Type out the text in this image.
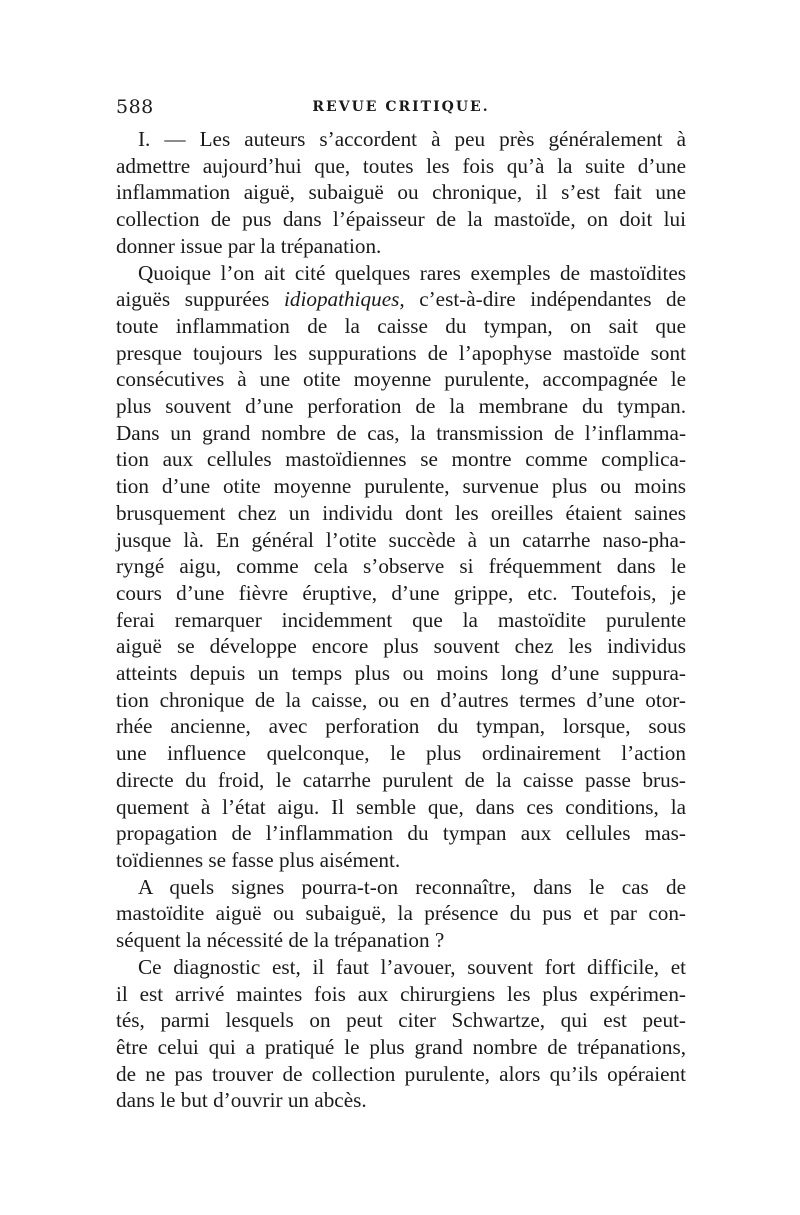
588	REVUE CRITIQUE.

I. — Les auteurs s’accordent à peu près généralement à
admettre aujourd’hui que, toutes les fois qu’à la suite d’une
inflammation aiguë, subaiguë ou chronique, il s’est fait une
collection de pus dans l’épaisseur de la mastoïde, on doit lui
donner issue par la trépanation.

Quoique l’on ait cité quelques rares exemples de mastoïdites
aiguës suppurées idiopathiques, c’est-à-dire indépendantes de
toute inflammation de la caisse du tympan, on sait que
presque toujours les suppurations de l’apophyse mastoïde sont
consécutives à une otite moyenne purulente, accompagnée le
plus souvent d’une perforation de la membrane du tympan.
Dans un grand nombre de cas, la transmission de l’inflamma-
tion aux cellules mastoïdiennes se montre comme complica-
tion d’une otite moyenne purulente, survenue plus ou moins
brusquement chez un individu dont les oreilles étaient saines
jusque là. En général l’otite succède à un catarrhe naso-pha-
ryngé aigu, comme cela s’observe si fréquemment dans le
cours d’une fièvre éruptive, d’une grippe, etc. Toutefois, je
ferai remarquer incidemment que la mastoïdite purulente
aiguë se développe encore plus souvent chez les individus
atteints depuis un temps plus ou moins long d’une suppura-
tion chronique de la caisse, ou en d’autres termes d’une otor-
rhée ancienne, avec perforation du tympan, lorsque, sous
une influence quelconque, le plus ordinairement l’action
directe du froid, le catarrhe purulent de la caisse passe brus-
quement à l’état aigu. Il semble que, dans ces conditions, la
propagation de l’inflammation du tympan aux cellules mas-
toïdiennes se fasse plus aisément.

A quels signes pourra-t-on reconnaître, dans le cas de
mastoïdite aiguë ou subaiguë, la présence du pus et par con-
séquent la nécessité de la trépanation ?

Ce diagnostic est, il faut l’avouer, souvent fort difficile, et
il est arrivé maintes fois aux chirurgiens les plus expérimen-
tés, parmi lesquels on peut citer Schwartze, qui est peut-
être celui qui a pratiqué le plus grand nombre de trépanations,
de ne pas trouver de collection purulente, alors qu’ils opéraient
dans le but d’ouvrir un abcès.
